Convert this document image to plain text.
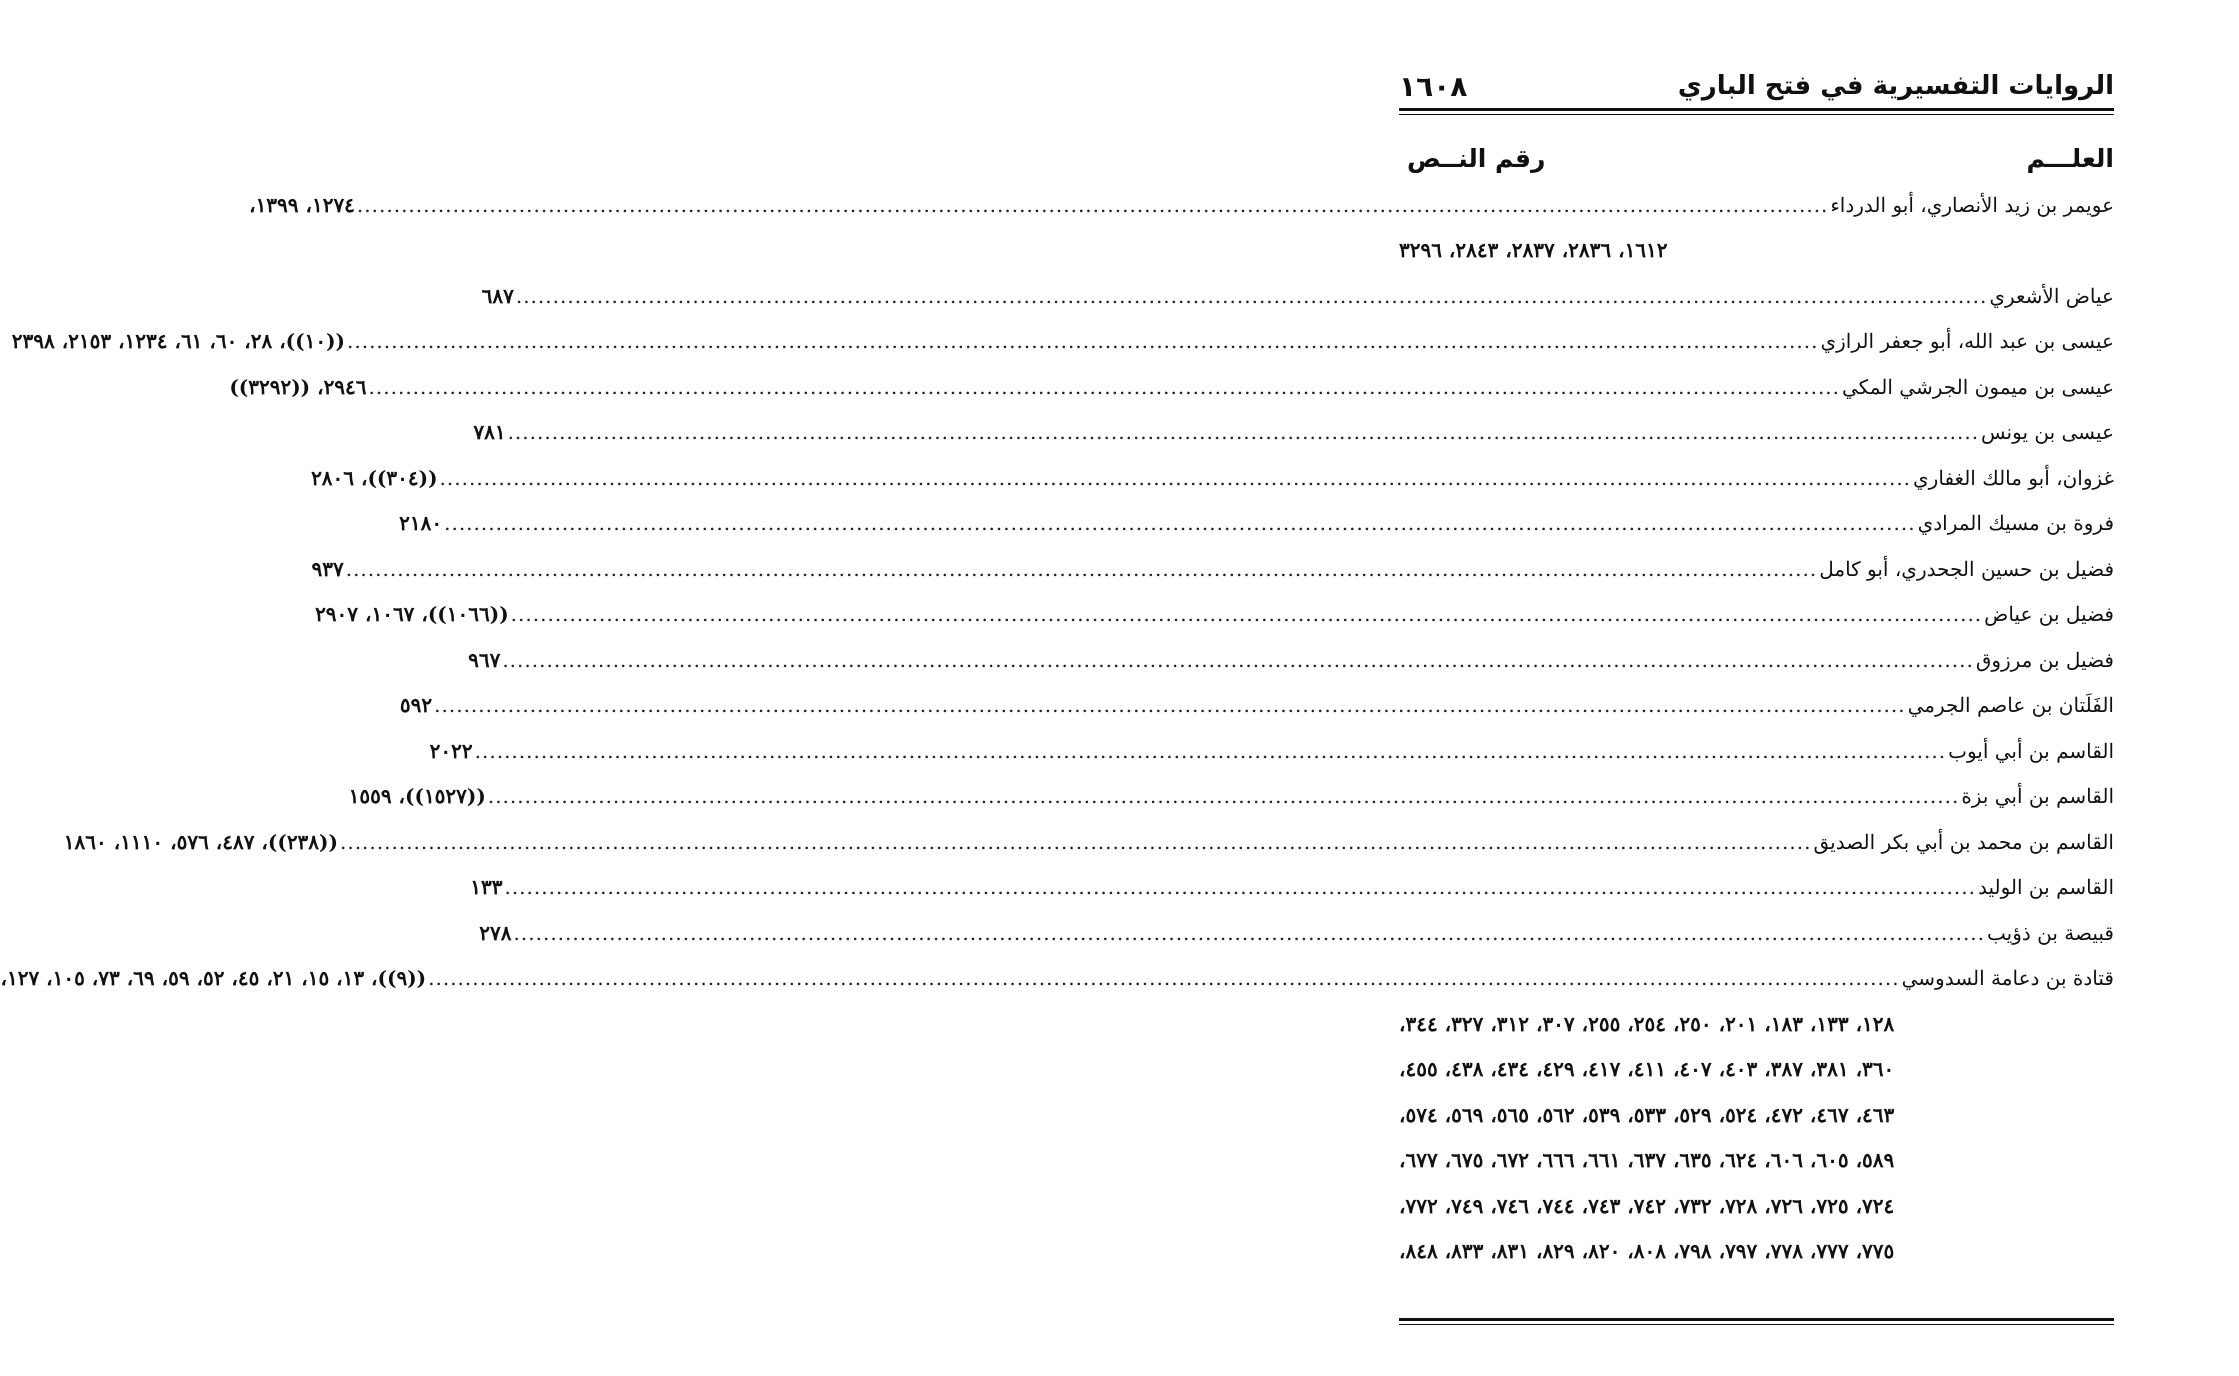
الروايات التفسيرية في فتح الباري
١٦٠٨
العلـــم
رقم النــص
عويمر بن زيد الأنصاري، أبو الدرداء
........................................................................................................................................................................................................
١٢٧٤، ١٣٩٩،
١٦١٢، ٢٨٣٦، ٢٨٣٧، ٢٨٤٣، ٣٢٩٦
عياض الأشعري
........................................................................................................................................................................................................
٦٨٧
عيسى بن عبد الله، أبو جعفر الرازي
........................................................................................................................................................................................................
((١٠))، ٢٨، ٦٠، ٦١، ١٢٣٤، ٢١٥٣، ٢٣٩٨
عيسى بن ميمون الجرشي المكي
........................................................................................................................................................................................................
٢٩٤٦، ((٣٢٩٢))
عيسى بن يونس
........................................................................................................................................................................................................
٧٨١
غزوان، أبو مالك الغفاري
........................................................................................................................................................................................................
((٣٠٤))، ٢٨٠٦
فروة بن مسيك المرادي
........................................................................................................................................................................................................
٢١٨٠
فضيل بن حسين الجحدري، أبو كامل
........................................................................................................................................................................................................
٩٣٧
فضيل بن عياض
........................................................................................................................................................................................................
((١٠٦٦))، ١٠٦٧، ٢٩٠٧
فضيل بن مرزوق
........................................................................................................................................................................................................
٩٦٧
الفَلَتان بن عاصم الجرمي
........................................................................................................................................................................................................
٥٩٢
القاسم بن أبي أيوب
........................................................................................................................................................................................................
٢٠٢٢
القاسم بن أبي بزة
........................................................................................................................................................................................................
((١٥٢٧))، ١٥٥٩
القاسم بن محمد بن أبي بكر الصديق
........................................................................................................................................................................................................
((٢٣٨))، ٤٨٧، ٥٧٦، ١١١٠، ١٨٦٠
القاسم بن الوليد
........................................................................................................................................................................................................
١٣٣
قبيصة بن ذؤيب
........................................................................................................................................................................................................
٢٧٨
قتادة بن دعامة السدوسي
........................................................................................................................................................................................................
((٩))، ١٣، ١٥، ٢١، ٤٥، ٥٢، ٥٩، ٦٩، ٧٣، ١٠٥، ١٢٧،
١٢٨، ١٣٣، ١٨٣، ٢٠١، ٢٥٠، ٢٥٤، ٢٥٥، ٣٠٧، ٣١٢، ٣٢٧، ٣٤٤،
٣٦٠، ٣٨١، ٣٨٧، ٤٠٣، ٤٠٧، ٤١١، ٤١٧، ٤٢٩، ٤٣٤، ٤٣٨، ٤٥٥،
٤٦٣، ٤٦٧، ٤٧٢، ٥٢٤، ٥٢٩، ٥٣٣، ٥٣٩، ٥٦٢، ٥٦٥، ٥٦٩، ٥٧٤،
٥٨٩، ٦٠٥، ٦٠٦، ٦٢٤، ٦٣٥، ٦٣٧، ٦٦١، ٦٦٦، ٦٧٢، ٦٧٥، ٦٧٧،
٧٢٤، ٧٢٥، ٧٢٦، ٧٢٨، ٧٣٢، ٧٤٢، ٧٤٣، ٧٤٤، ٧٤٦، ٧٤٩، ٧٧٢،
٧٧٥، ٧٧٧، ٧٧٨، ٧٩٧، ٧٩٨، ٨٠٨، ٨٢٠، ٨٢٩، ٨٣١، ٨٣٣، ٨٤٨،
